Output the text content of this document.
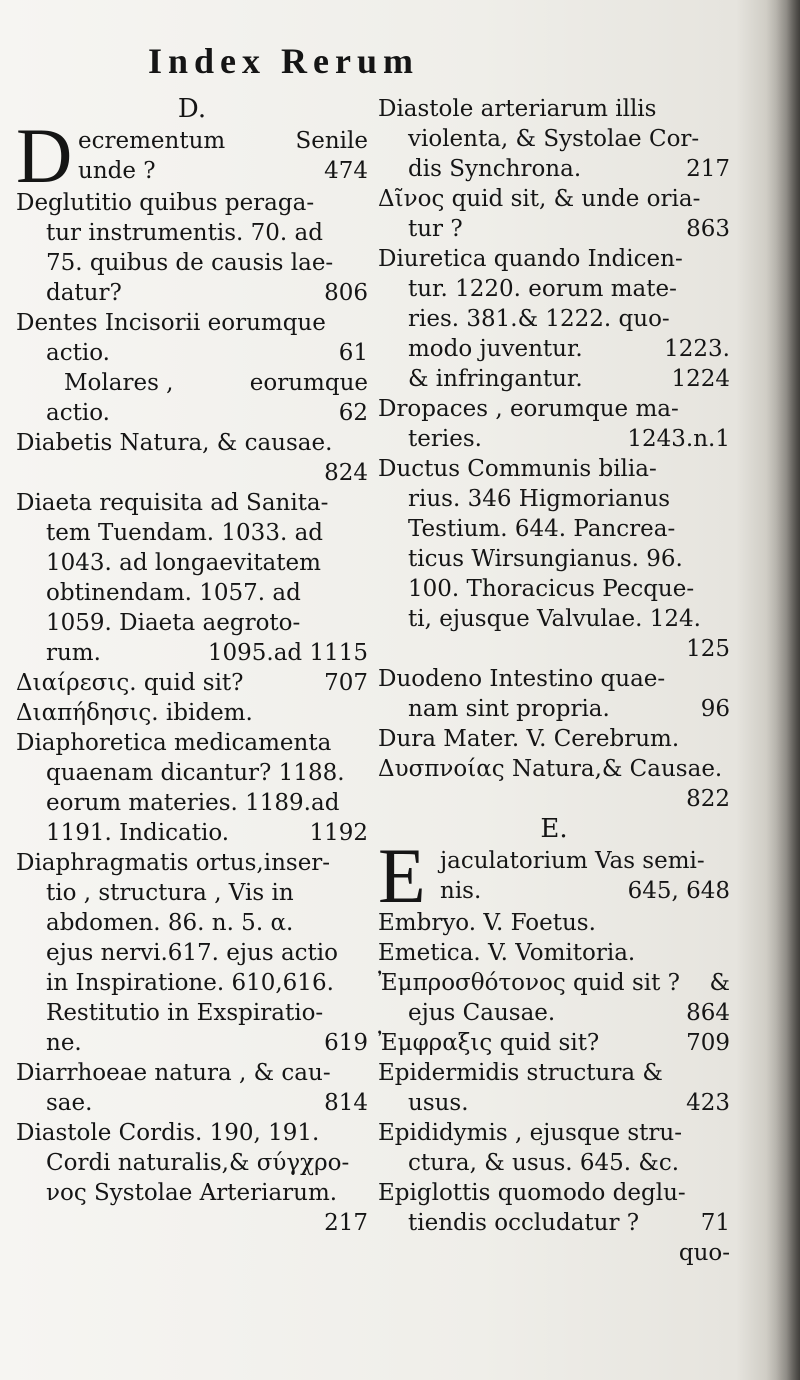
Index Rerum
D.
D ecrementum	Senile
unde ?	474
Deglutitio quibus peraga-
tur instrumentis. 70. ad
75. quibus de causis lae-
datur?	806
Dentes Incisorii eorumque
actio.	61
Molares ,	eorumque
actio.	62
Diabetis Natura, & causae.
824
Diaeta requisita ad Sanita-
tem Tuendam. 1033. ad
1043. ad longaevitatem
obtinendam. 1057. ad
1059. Diaeta aegroto-
rum.	1095.ad 1115
Διαίρεσις. quid sit?	707
Διαπήδησις. ibidem.
Diaphoretica medicamenta
quaenam dicantur? 1188.
eorum materies. 1189.ad
1191. Indicatio.	1192
Diaphragmatis ortus,inser-
tio , structura , Vis in
abdomen. 86. n. 5. α.
ejus nervi.617. ejus actio
in Inspiratione. 610,616.
Restitutio in Exspiratio-
ne.	619
Diarrhoeae natura , & cau-
sae.	814
Diastole Cordis. 190, 191.
Cordi naturalis,& σύγχρο-
νος Systolae Arteriarum.
217
Diastole arteriarum illis
violenta, & Systolae Cor-
dis Synchrona.	217
Δῖνος quid sit, & unde oria-
tur ?	863
Diuretica quando Indicen-
tur. 1220. eorum mate-
ries. 381.& 1222. quo-
modo juventur.	1223.
& infringantur.	1224
Dropaces , eorumque ma-
teries.	1243.n.1
Ductus Communis bilia-
rius. 346 Higmorianus
Testium. 644. Pancrea-
ticus Wirsungianus. 96.
100. Thoracicus Pecque-
ti, ejusque Valvulae. 124.
125
Duodeno Intestino quae-
nam sint propria.	96
Dura Mater. V. Cerebrum.
Δυσπνοίας Natura,& Causae.
822
E.
E jaculatorium Vas semi-
nis.	645, 648
Embryo. V. Foetus.
Emetica. V. Vomitoria.
Ἐμπροσθότονος quid sit ? &
ejus Causae.	864
Ἐμφραξις quid sit?	709
Epidermidis structura &
usus.	423
Epididymis , ejusque stru-
ctura, & usus. 645. &c.
Epiglottis quomodo deglu-
tiendis occludatur ?	71
quo-
